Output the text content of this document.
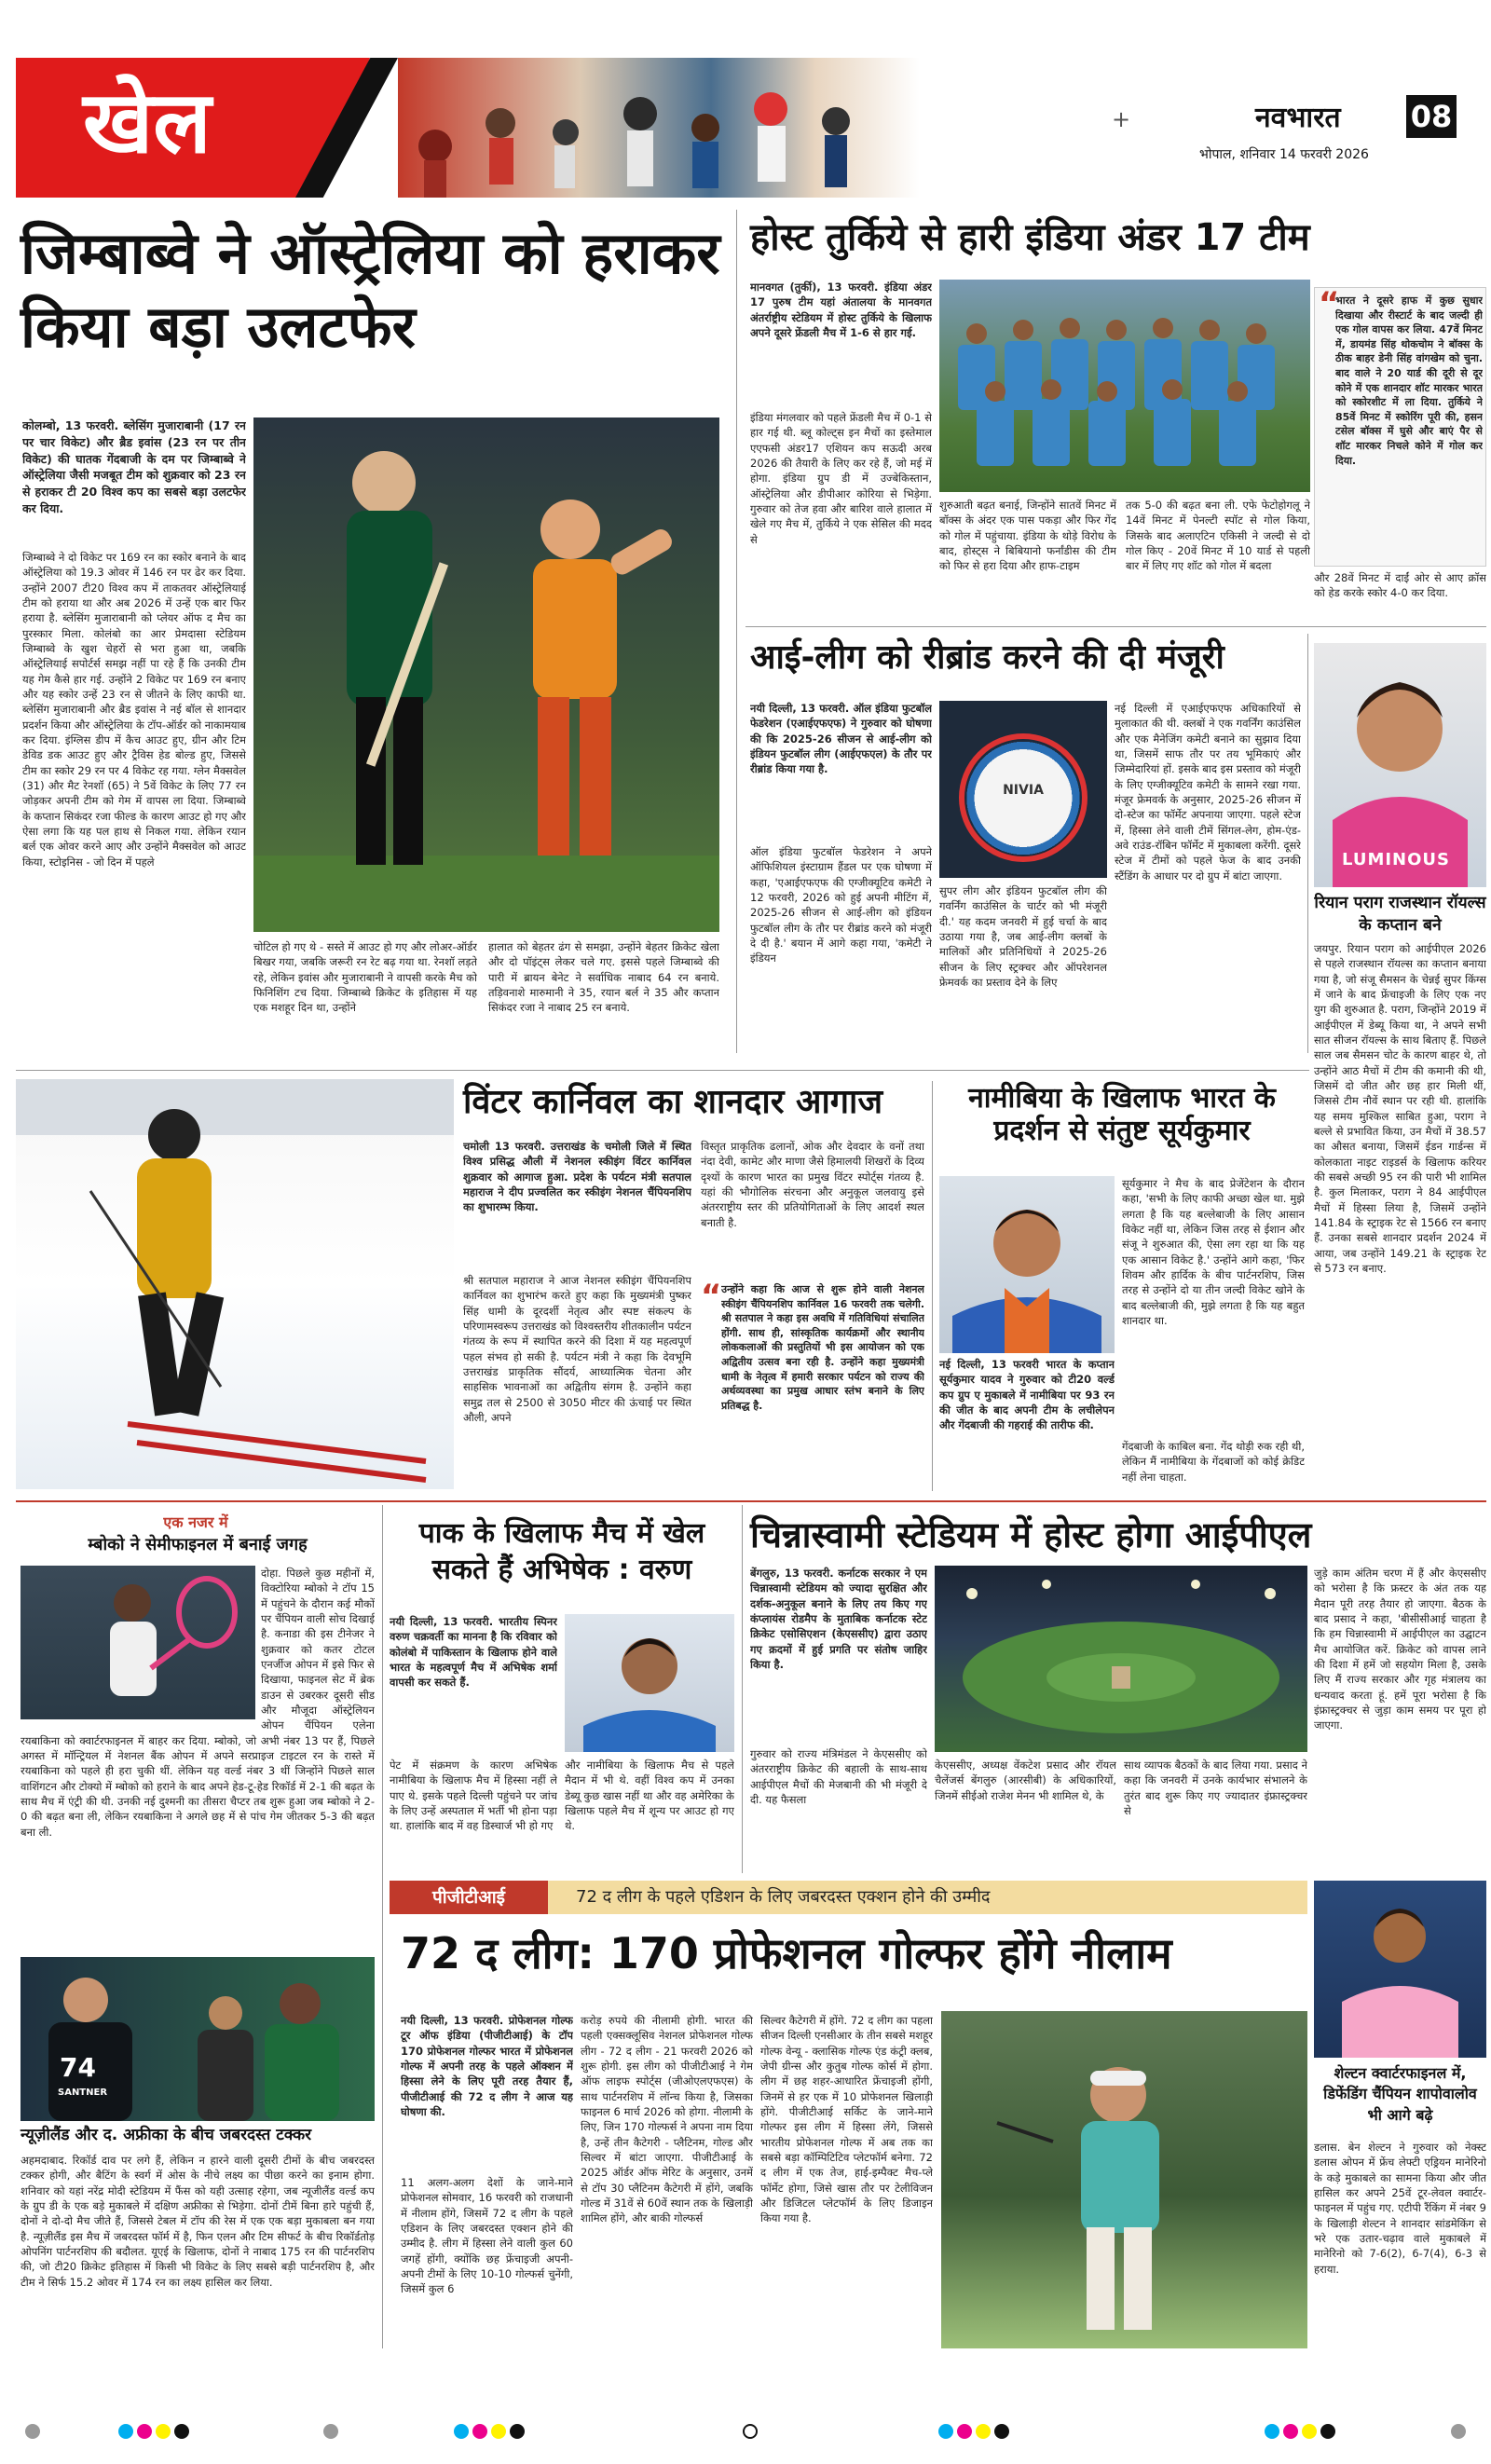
खेल	+	नवभारत 08
भोपाल, शनिवार 14 फरवरी 2026
जिम्बाब्वे ने ऑस्ट्रेलिया को हराकर किया बड़ा उलटफेर
कोलम्बो, 13 फरवरी. ब्लेसिंग मुजाराबानी (17 रन पर चार विकेट) और ब्रैड इवांस (23 रन पर तीन विकेट) की घातक गेंदबाजी के दम पर जिम्बाब्वे ने ऑस्ट्रेलिया जैसी मजबूत टीम को शुक्रवार को 23 रन से हराकर टी 20 विश्व कप का सबसे बड़ा उलटफेर कर दिया.
जिम्बाब्वे ने दो विकेट पर 169 रन का स्कोर बनाने के बाद ऑस्ट्रेलिया को 19.3 ओवर में 146 रन पर ढेर कर दिया. उन्होंने 2007 टी20 विश्व कप में ताकतवर ऑस्ट्रेलियाई टीम को हराया था और अब 2026 में उन्हें एक बार फिर हराया है. ब्लेसिंग मुजाराबानी को प्लेयर ऑफ द मैच का पुरस्कार मिला. कोलंबो का आर प्रेमदासा स्टेडियम जिम्बाब्वे के खुश चेहरों से भरा हुआ था, जबकि ऑस्ट्रेलियाई सपोर्टर्स समझ नहीं पा रहे हैं कि उनकी टीम यह गेम कैसे हार गई. उन्होंने 2 विकेट पर 169 रन बनाए और यह स्कोर उन्हें 23 रन से जीतने के लिए काफी था. ब्लेसिंग मुजाराबानी और ब्रैड इवांस ने नई बॉल से शानदार प्रदर्शन किया और ऑस्ट्रेलिया के टॉप-ऑर्डर को नाकामयाब कर दिया. इंग्लिस डीप में कैच आउट हुए, ग्रीन और टिम डेविड डक आउट हुए और ट्रैविस हेड बोल्ड हुए, जिससे टीम का स्कोर 29 रन पर 4 विकेट रह गया. ग्लेन मैक्सवेल (31) और मैट रेनशॉ (65) ने 5वें विकेट के लिए 77 रन जोड़कर अपनी टीम को गेम में वापस ला दिया. जिम्बाब्वे के कप्तान सिकंदर रजा फील्ड के कारण आउट हो गए और ऐसा लगा कि यह पल हाथ से निकल गया. लेकिन रयान बर्ल एक ओवर करने आए और उन्होंने मैक्सवेल को आउट किया, स्टोइनिस - जो दिन में पहले
चोटिल हो गए थे - सस्ते में आउट हो गए और लोअर-ऑर्डर बिखर गया, जबकि जरूरी रन रेट बढ़ गया था. रेनशॉ लड़ते रहे, लेकिन इवांस और मुजाराबानी ने वापसी करके मैच को फिनिशिंग टच दिया. जिम्बाब्वे क्रिकेट के इतिहास में यह एक मशहूर दिन था, उन्होंने
हालात को बेहतर ढंग से समझा, उन्होंने बेहतर क्रिकेट खेला और दो पॉइंट्स लेकर चले गए. इससे पहले जिम्बाब्वे की पारी में ब्रायन बेनेट ने सर्वाधिक नाबाद 64 रन बनाये. तड़िवनाशे मारुमानी ने 35, रयान बर्ल ने 35 और कप्तान सिकंदर रजा ने नाबाद 25 रन बनाये.
होस्ट तुर्किये से हारी इंडिया अंडर 17 टीम
मानवगत (तुर्की), 13 फरवरी. इंडिया अंडर 17 पुरुष टीम यहां अंतालया के मानवगत अंतर्राष्ट्रीय स्टेडियम में होस्ट तुर्किये के खिलाफ अपने दूसरे फ्रेंडली मैच में 1-6 से हार गई.
इंडिया मंगलवार को पहले फ्रेंडली मैच में 0-1 से हार गई थी. ब्लू कोल्ट्स इन मैचों का इस्तेमाल एएफसी अंडर17 एशियन कप सऊदी अरब 2026 की तैयारी के लिए कर रहे हैं, जो मई में होगा. इंडिया ग्रुप डी में उज्बेकिस्तान, ऑस्ट्रेलिया और डीपीआर कोरिया से भिड़ेगा. गुरुवार को तेज हवा और बारिश वाले हालात में खेले गए मैच में, तुर्किये ने एक सेसिल की मदद से
शुरुआती बढ़त बनाई, जिन्होंने सातवें मिनट में बॉक्स के अंदर एक पास पकड़ा और फिर गेंद को गोल में पहुंचाया. इंडिया के थोड़े विरोध के बाद, होस्ट्स ने बिबियानो फर्नांडीस की टीम को फिर से हरा दिया और हाफ-टाइम
तक 5-0 की बढ़त बना ली. एफे फेटोहोगलू ने 14वें मिनट में पेनल्टी स्पॉट से गोल किया, जिसके बाद अलाएटिन एकिसी ने जल्दी से दो गोल किए - 20वें मिनट में 10 यार्ड से पहली बार में लिए गए शॉट को गोल में बदला
“
भारत ने दूसरे हाफ में कुछ सुधार दिखाया और रीस्टार्ट के बाद जल्दी ही एक गोल वापस कर लिया. 47वें मिनट में, डायमंड सिंह थोकचोम ने बॉक्स के ठीक बाहर डेनी सिंह वांगखेम को चुना. बाद वाले ने 20 यार्ड की दूरी से दूर कोने में एक शानदार शॉट मारकर भारत को स्कोरशीट में ला दिया. तुर्किये ने 85वें मिनट में स्कोरिंग पूरी की, हसन टसेल बॉक्स में घुसे और बाएं पैर से शॉट मारकर निचले कोने में गोल कर दिया.
और 28वें मिनट में दाईं ओर से आए क्रॉस को हेड करके स्कोर 4-0 कर दिया.
आई-लीग को रीब्रांड करने की दी मंजूरी
नयी दिल्ली, 13 फरवरी. ऑल इंडिया फुटबॉल फेडरेशन (एआईएफएफ) ने गुरुवार को घोषणा की कि 2025-26 सीजन से आई-लीग को इंडियन फुटबॉल लीग (आईएफएल) के तौर पर रीब्रांड किया गया है.
ऑल इंडिया फुटबॉल फेडरेशन ने अपने ऑफिशियल इंस्टाग्राम हैंडल पर एक घोषणा में कहा, 'एआईएफएफ की एग्जीक्यूटिव कमेटी ने 12 फरवरी, 2026 को हुई अपनी मीटिंग में, 2025-26 सीजन से आई-लीग को इंडियन फुटबॉल लीग के तौर पर रीब्रांड करने को मंजूरी दे दी है.' बयान में आगे कहा गया, 'कमेटी ने इंडियन
NIVIA
सुपर लीग और इंडियन फुटबॉल लीग की गवर्निंग काउंसिल के चार्टर को भी मंजूरी दी.' यह कदम जनवरी में हुई चर्चा के बाद उठाया गया है, जब आई-लीग क्लबों के मालिकों और प्रतिनिधियों ने 2025-26 सीजन के लिए स्ट्रक्चर और ऑपरेशनल फ्रेमवर्क का प्रस्ताव देने के लिए
नई दिल्ली में एआईएफएफ अधिकारियों से मुलाकात की थी. क्लबों ने एक गवर्निंग काउंसिल और एक मैनेजिंग कमेटी बनाने का सुझाव दिया था, जिसमें साफ तौर पर तय भूमिकाएं और जिम्मेदारियां हों. इसके बाद इस प्रस्ताव को मंजूरी के लिए एग्जीक्यूटिव कमेटी के सामने रखा गया. मंजूर फ्रेमवर्क के अनुसार, 2025-26 सीजन में दो-स्टेज का फॉर्मेट अपनाया जाएगा. पहले स्टेज में, हिस्सा लेने वाली टीमें सिंगल-लेग, होम-एंड-अवे राउंड-रॉबिन फॉर्मेट में मुकाबला करेंगी. दूसरे स्टेज में टीमों को पहले फेज के बाद उनकी स्टैंडिंग के आधार पर दो ग्रुप में बांटा जाएगा.
LUMINOUS
रियान पराग राजस्थान रॉयल्स के कप्तान बने
जयपुर. रियान पराग को आईपीएल 2026 से पहले राजस्थान रॉयल्स का कप्तान बनाया गया है, जो संजू सैमसन के चेन्नई सुपर किंग्स में जाने के बाद फ्रेंचाइजी के लिए एक नए युग की शुरुआत है. पराग, जिन्होंने 2019 में आईपीएल में डेब्यू किया था, ने अपने सभी सात सीजन रॉयल्स के साथ बिताए हैं. पिछले साल जब सैमसन चोट के कारण बाहर थे, तो उन्होंने आठ मैचों में टीम की कमानी की थी, जिसमें दो जीत और छह हार मिली थीं, जिससे टीम नौवें स्थान पर रही थी. हालांकि यह समय मुश्किल साबित हुआ, पराग ने बल्ले से प्रभावित किया, उन मैचों में 38.57 का औसत बनाया, जिसमें ईडन गार्डन्स में कोलकाता नाइट राइडर्स के खिलाफ करियर की सबसे अच्छी 95 रन की पारी भी शामिल है. कुल मिलाकर, पराग ने 84 आईपीएल मैचों में हिस्सा लिया है, जिसमें उन्होंने 141.84 के स्ट्राइक रेट से 1566 रन बनाए हैं. उनका सबसे शानदार प्रदर्शन 2024 में आया, जब उन्होंने 149.21 के स्ट्राइक रेट से 573 रन बनाए.
विंटर कार्निवल का शानदार आगाज
चमोली 13 फरवरी. उत्तराखंड के चमोली जिले में स्थित विश्व प्रसिद्ध औली में नेशनल स्कीइंग विंटर कार्निवल शुक्रवार को आगाज हुआ. प्रदेश के पर्यटन मंत्री सतपाल महाराज ने दीप प्रज्वलित कर स्कीइंग नेशनल चैंपियनशिप का शुभारम्भ किया.
श्री सतपाल महाराज ने आज नेशनल स्कीइंग चैंपियनशिप कार्निवल का शुभारंभ करते हुए कहा कि मुख्यमंत्री पुष्कर सिंह धामी के दूरदर्शी नेतृत्व और स्पष्ट संकल्प के परिणामस्वरूप उत्तराखंड को विश्वस्तरीय शीतकालीन पर्यटन गंतव्य के रूप में स्थापित करने की दिशा में यह महत्वपूर्ण पहल संभव हो सकी है. पर्यटन मंत्री ने कहा कि देवभूमि उत्तराखंड प्राकृतिक सौंदर्य, आध्यात्मिक चेतना और साहसिक भावनाओं का अद्वितीय संगम है. उन्होंने कहा समुद्र तल से 2500 से 3050 मीटर की ऊंचाई पर स्थित औली, अपने
विस्तृत प्राकृतिक ढलानों, ओक और देवदार के वनों तथा नंदा देवी, कामेट और माणा जैसे हिमालयी शिखरों के दिव्य दृश्यों के कारण भारत का प्रमुख विंटर स्पोर्ट्स गंतव्य है. यहां की भौगोलिक संरचना और अनुकूल जलवायु इसे अंतरराष्ट्रीय स्तर की प्रतियोगिताओं के लिए आदर्श स्थल बनाती है.
“ उन्होंने कहा कि आज से शुरू होने वाली नेशनल स्कीइंग चैंपियनशिप कार्निवल 16 फरवरी तक चलेगी. श्री सतपाल ने कहा इस अवधि में गतिविधियां संचालित होंगी. साथ ही, सांस्कृतिक कार्यक्रमों और स्थानीय लोककलाओं की प्रस्तुतियों भी इस आयोजन को एक अद्वितीय उत्सव बना रही है. उन्होंने कहा मुख्यमंत्री धामी के नेतृत्व में हमारी सरकार पर्यटन को राज्य की अर्थव्यवस्था का प्रमुख आधार स्तंभ बनाने के लिए प्रतिबद्ध है.
नामीबिया के खिलाफ भारत के प्रदर्शन से संतुष्ट सूर्यकुमार
नई दिल्ली, 13 फरवरी भारत के कप्तान सूर्यकुमार यादव ने गुरुवार को टी20 वर्ल्ड कप ग्रुप ए मुकाबले में नामीबिया पर 93 रन की जीत के बाद अपनी टीम के लचीलेपन और गेंदबाजी की गहराई की तारीफ की.
सूर्यकुमार ने मैच के बाद प्रेजेंटेशन के दौरान कहा, 'सभी के लिए काफी अच्छा खेल था. मुझे लगता है कि यह बल्लेबाजी के लिए आसान विकेट नहीं था, लेकिन जिस तरह से ईशान और संजू ने शुरुआत की, ऐसा लग रहा था कि यह एक आसान विकेट है.' उन्होंने आगे कहा, 'फिर शिवम और हार्दिक के बीच पार्टनरशिप, जिस तरह से उन्होंने दो या तीन जल्दी विकेट खोने के बाद बल्लेबाजी की, मुझे लगता है कि यह बहुत शानदार था.
गेंदबाजी के काबिल बना. गेंद थोड़ी रुक रही थी, लेकिन मैं नामीबिया के गेंदबाजों को कोई क्रेडिट नहीं लेना चाहता.
एक नजर में
म्बोको ने सेमीफाइनल में बनाई जगह
दोहा. पिछले कुछ महीनों में, विक्टोरिया म्बोको ने टॉप 15 में पहुंचने के दौरान कई मौकों पर चैंपियन वाली सोच दिखाई है. कनाडा की इस टीनेजर ने शुक्रवार को कतर टोटल एनर्जीज ओपन में इसे फिर से दिखाया, फाइनल सेट में ब्रेक डाउन से उबरकर दूसरी सीड और मौजूदा ऑस्ट्रेलियन ओपन चैंपियन एलेना रयबाकिना को क्वार्टरफाइनल में बाहर कर दिया. म्बोको, जो अभी नंबर 13 पर हैं, पिछले अगस्त में मॉन्ट्रियल में नेशनल बैंक ओपन में अपने सरप्राइज टाइटल रन के रास्ते में रयबाकिना को पहले ही हरा चुकी थीं. लेकिन यह वर्ल्ड नंबर 3 थीं जिन्होंने पिछले साल वाशिंगटन और टोक्यो में म्बोको को हराने के बाद अपने हेड-टू-हेड रिकॉर्ड में 2-1 की बढ़त के साथ मैच में एंट्री की थी. उनकी नई दुश्मनी का तीसरा चैप्टर तब शुरू हुआ जब म्बोको ने 2-0 की बढ़त बना ली, लेकिन रयबाकिना ने अगले छह में से पांच गेम जीतकर 5-3 की बढ़त बना ली.
74
SANTNER
न्यूज़ीलैंड और द. अफ्रीका के बीच जबरदस्त टक्कर
अहमदाबाद. रिकॉर्ड दाव पर लगे हैं, लेकिन न हारने वाली दूसरी टीमों के बीच जबरदस्त टक्कर होगी, और बैटिंग के स्वर्ग में ओस के नीचे लक्ष्य का पीछा करने का इनाम होगा. शनिवार को यहां नरेंद्र मोदी स्टेडियम में फैंस को यही उत्साह रहेगा, जब न्यूजीलैंड वर्ल्ड कप के ग्रुप डी के एक बड़े मुकाबले में दक्षिण अफ्रीका से भिड़ेगा. दोनों टीमें बिना हारे पहुंची हैं, दोनों ने दो-दो मैच जीते हैं, जिससे टेबल में टॉप की रेस में एक एक बड़ा मुकाबला बन गया है. न्यूज़ीलैंड इस मैच में जबरदस्त फॉर्म में है, फिन एलन और टिम सीफर्ट के बीच रिकॉर्डतोड़ ओपनिंग पार्टनरशिप की बदौलत. यूएई के खिलाफ, दोनों ने नाबाद 175 रन की पार्टनरशिप की, जो टी20 क्रिकेट इतिहास में किसी भी विकेट के लिए सबसे बड़ी पार्टनरशिप है, और टीम ने सिर्फ 15.2 ओवर में 174 रन का लक्ष्य हासिल कर लिया.
पाक के खिलाफ मैच में खेल सकते हैं अभिषेक : वरुण
नयी दिल्ली, 13 फरवरी. भारतीय स्पिनर वरुण चक्रवर्ती का मानना है कि रविवार को कोलंबो में पाकिस्तान के खिलाफ होने वाले भारत के महत्वपूर्ण मैच में अभिषेक शर्मा वापसी कर सकते हैं.
पेट में संक्रमण के कारण अभिषेक नामीबिया के खिलाफ मैच में हिस्सा नहीं ले पाए थे. इसके पहले दिल्ली पहुंचने पर जांच के लिए उन्हें अस्पताल में भर्ती भी होना पड़ा था. हालांकि बाद में वह डिस्चार्ज भी हो गए
और नामीबिया के खिलाफ मैच से पहले मैदान में भी थे. वहीं विश्व कप में उनका डेब्यू कुछ खास नहीं था और वह अमेरिका के खिलाफ पहले मैच में शून्य पर आउट हो गए थे.
चिन्नास्वामी स्टेडियम में होस्ट होगा आईपीएल
बेंगलुरु, 13 फरवरी. कर्नाटक सरकार ने एम चिन्नास्वामी स्टेडियम को ज्यादा सुरक्षित और दर्शक-अनुकूल बनाने के लिए तय किए गए कंप्लायंस रोडमैप के मुताबिक कर्नाटक स्टेट क्रिकेट एसोसिएशन (केएससीए) द्वारा उठाए गए क्रदमों में हुई प्रगति पर संतोष जाहिर किया है.
गुरुवार को राज्य मंत्रिमंडल ने केएससीए को अंतरराष्ट्रीय क्रिकेट की बहाली के साथ-साथ आईपीएल मैचों की मेजबानी की भी मंजूरी दे दी. यह फैसला
केएससीए, अध्यक्ष वेंकटेश प्रसाद और रॉयल चैलेंजर्स बेंगलुरु (आरसीबी) के अधिकारियों, जिनमें सीईओ राजेश मेनन भी शामिल थे, के
साथ व्यापक बैठकों के बाद लिया गया. प्रसाद ने कहा कि जनवरी में उनके कार्यभार संभालने के तुरंत बाद शुरू किए गए ज्यादातर इंफ्रास्ट्रक्चर से
जुड़े काम अंतिम चरण में हैं और केएससीए को भरोसा है कि फ्रस्टर के अंत तक यह मैदान पूरी तरह तैयार हो जाएगा. बैठक के बाद प्रसाद ने कहा, 'बीसीसीआई चाहता है कि हम चिन्नास्वामी में आईपीएल का उद्घाटन मैच आयोजित करें. क्रिकेट को वापस लाने की दिशा में हमें जो सहयोग मिला है, उसके लिए मैं राज्य सरकार और गृह मंत्रालय का धन्यवाद करता हूं. हमें पूरा भरोसा है कि इंफ्रास्ट्रक्चर से जुड़ा काम समय पर पूरा हो जाएगा.
पीजीटीआई	72 द लीग के पहले एडिशन के लिए जबरदस्त एक्शन होने की उम्मीद
72 द लीग: 170 प्रोफेशनल गोल्फर होंगे नीलाम
नयी दिल्ली, 13 फरवरी. प्रोफेशनल गोल्फ टूर ऑफ इंडिया (पीजीटीआई) के टॉप 170 प्रोफेशनल गोल्फर भारत में प्रोफेशनल गोल्फ में अपनी तरह के पहले ऑक्शन में हिस्सा लेने के लिए पूरी तरह तैयार हैं, पीजीटीआई की 72 द लीग ने आज यह घोषणा की.
11 अलग-अलग देशों के जाने-माने प्रोफेशनल सोमवार, 16 फरवरी को राजधानी में नीलाम होंगे, जिसमें 72 द लीग के पहले एडिशन के लिए जबरदस्त एक्शन होने की उम्मीद है. लीग में हिस्सा लेने वाली कुल 60 जगहें होंगी, क्योंकि छह फ्रेंचाइजी अपनी-अपनी टीमों के लिए 10-10 गोल्फर्स चुनेंगी, जिसमें कुल 6
करोड़ रुपये की नीलामी होगी. भारत की पहली एक्सक्लूसिव नेशनल प्रोफेशनल गोल्फ लीग - 72 द लीग - 21 फरवरी 2026 को शुरू होगी. इस लीग को पीजीटीआई ने गेम ऑफ लाइफ स्पोर्ट्स (जीओएलएफएस) के साथ पार्टनरशिप में लॉन्च किया है, जिसका फाइनल 6 मार्च 2026 को होगा. नीलामी के लिए, जिन 170 गोल्फर्स ने अपना नाम दिया है, उन्हें तीन कैटेगरी - प्लैटिनम, गोल्ड और सिल्वर में बांटा जाएगा. पीजीटीआई के 2025 ऑर्डर ऑफ मेरिट के अनुसार, उनमें से टॉप 30 प्लैटिनम कैटेगरी में होंगे, जबकि गोल्ड में 31वें से 60वें स्थान तक के खिलाड़ी शामिल होंगे, और बाकी गोल्फर्स
सिल्वर कैटेगरी में होंगे. 72 द लीग का पहला सीजन दिल्ली एनसीआर के तीन सबसे मशहूर गोल्फ वेन्यू - क्लासिक गोल्फ एंड कंट्री क्लब, जेपी ग्रीन्स और कुतुब गोल्फ कोर्स में होगा. लीग में छह शहर-आधारित फ्रेंचाइजी होंगी, जिनमें से हर एक में 10 प्रोफेशनल खिलाड़ी होंगे. पीजीटीआई सर्किट के जाने-माने गोल्फर इस लीग में हिस्सा लेंगे, जिससे भारतीय प्रोफेशनल गोल्फ में अब तक का सबसे बड़ा कॉम्पिटिटिव प्लेटफॉर्म बनेगा. 72 द लीग में एक तेज, हाई-इम्पैक्ट मैच-प्ले फॉर्मेट होगा, जिसे खास तौर पर टेलीविजन और डिजिटल प्लेटफॉर्म के लिए डिजाइन किया गया है.
शेल्टन क्वार्टरफाइनल में, डिफेंडिंग चैंपियन शापोवालोव भी आगे बढ़े
डलास. बेन शेल्टन ने गुरुवार को नेक्स्ट डलास ओपन में फ्रेंच लेफ्टी एड्रियन मानेरिनो के कड़े मुकाबले का सामना किया और जीत हासिल कर अपने 25वें टूर-लेवल क्वार्टर-फाइनल में पहुंच गए. एटीपी रैंकिंग में नंबर 9 के खिलाड़ी शेल्टन ने शानदार सांडमेकिंग से भरे एक उतार-चढ़ाव वाले मुकाबले में मानेरिनो को 7-6(2), 6-7(4), 6-3 से हराया.
